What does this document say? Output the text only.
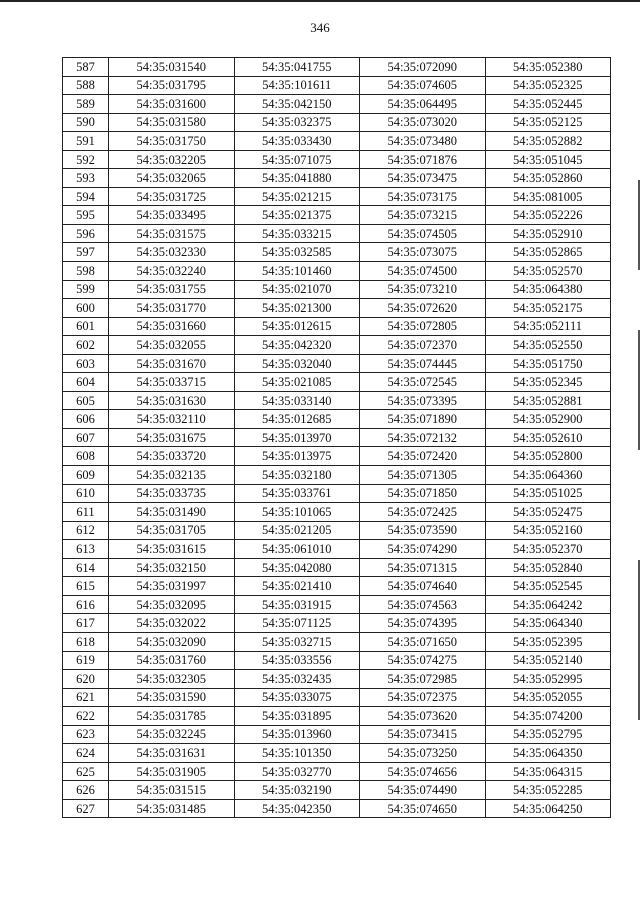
346
587	54:35:031540	54:35:041755	54:35:072090	54:35:052380
588	54:35:031795	54:35:101611	54:35:074605	54:35:052325
589	54:35:031600	54:35:042150	54:35:064495	54:35:052445
590	54:35:031580	54:35:032375	54:35:073020	54:35:052125
591	54:35:031750	54:35:033430	54:35:073480	54:35:052882
592	54:35:032205	54:35:071075	54:35:071876	54:35:051045
593	54:35:032065	54:35:041880	54:35:073475	54:35:052860
594	54:35:031725	54:35:021215	54:35:073175	54:35:081005
595	54:35:033495	54:35:021375	54:35:073215	54:35:052226
596	54:35:031575	54:35:033215	54:35:074505	54:35:052910
597	54:35:032330	54:35:032585	54:35:073075	54:35:052865
598	54:35:032240	54:35:101460	54:35:074500	54:35:052570
599	54:35:031755	54:35:021070	54:35:073210	54:35:064380
600	54:35:031770	54:35:021300	54:35:072620	54:35:052175
601	54:35:031660	54:35:012615	54:35:072805	54:35:052111
602	54:35:032055	54:35:042320	54:35:072370	54:35:052550
603	54:35:031670	54:35:032040	54:35:074445	54:35:051750
604	54:35:033715	54:35:021085	54:35:072545	54:35:052345
605	54:35:031630	54:35:033140	54:35:073395	54:35:052881
606	54:35:032110	54:35:012685	54:35:071890	54:35:052900
607	54:35:031675	54:35:013970	54:35:072132	54:35:052610
608	54:35:033720	54:35:013975	54:35:072420	54:35:052800
609	54:35:032135	54:35:032180	54:35:071305	54:35:064360
610	54:35:033735	54:35:033761	54:35:071850	54:35:051025
611	54:35:031490	54:35:101065	54:35:072425	54:35:052475
612	54:35:031705	54:35:021205	54:35:073590	54:35:052160
613	54:35:031615	54:35:061010	54:35:074290	54:35:052370
614	54:35:032150	54:35:042080	54:35:071315	54:35:052840
615	54:35:031997	54:35:021410	54:35:074640	54:35:052545
616	54:35:032095	54:35:031915	54:35:074563	54:35:064242
617	54:35:032022	54:35:071125	54:35:074395	54:35:064340
618	54:35:032090	54:35:032715	54:35:071650	54:35:052395
619	54:35:031760	54:35:033556	54:35:074275	54:35:052140
620	54:35:032305	54:35:032435	54:35:072985	54:35:052995
621	54:35:031590	54:35:033075	54:35:072375	54:35:052055
622	54:35:031785	54:35:031895	54:35:073620	54:35:074200
623	54:35:032245	54:35:013960	54:35:073415	54:35:052795
624	54:35:031631	54:35:101350	54:35:073250	54:35:064350
625	54:35:031905	54:35:032770	54:35:074656	54:35:064315
626	54:35:031515	54:35:032190	54:35:074490	54:35:052285
627	54:35:031485	54:35:042350	54:35:074650	54:35:064250
